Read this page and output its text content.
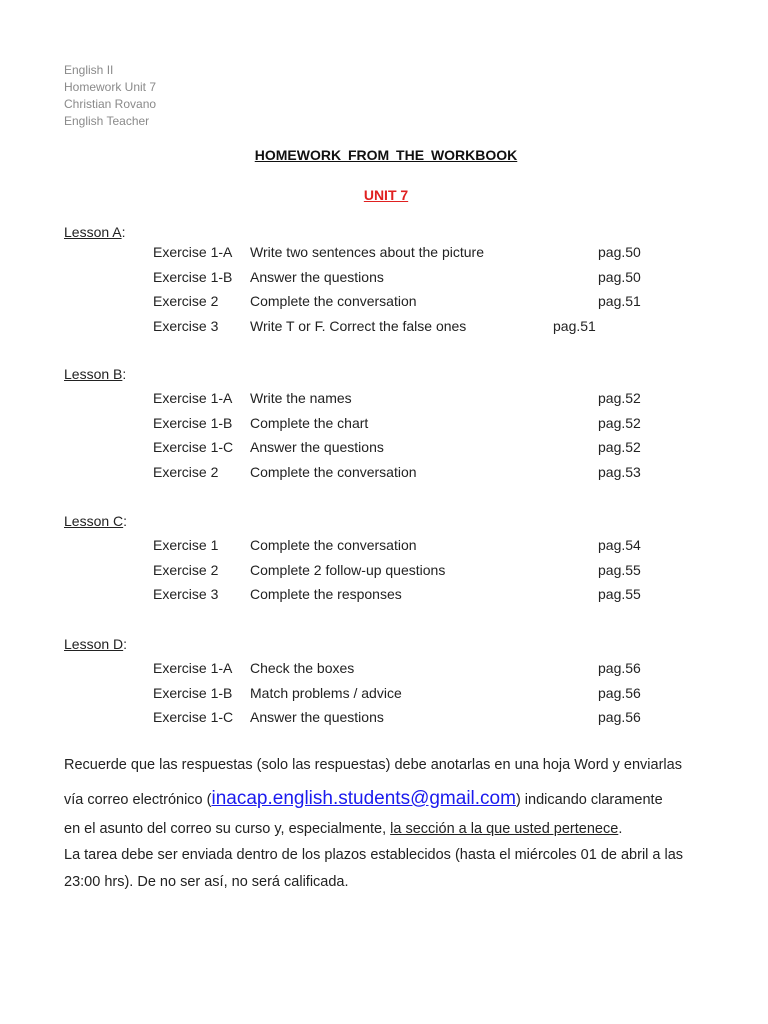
English II
Homework Unit 7
Christian Rovano
English Teacher
HOMEWORK FROM THE WORKBOOK
UNIT 7
Lesson A:
Exercise 1-A Write two sentences about the picture	pag.50
Exercise 1-B Answer the questions	pag.50
Exercise 2 Complete the conversation	pag.51
Exercise 3 Write T or F. Correct the false ones	pag.51
Lesson B:
Exercise 1-A Write the names	pag.52
Exercise 1-B Complete the chart	pag.52
Exercise 1-C Answer the questions	pag.52
Exercise 2 Complete the conversation	pag.53
Lesson C:
Exercise 1 Complete the conversation	pag.54
Exercise 2 Complete 2 follow-up questions	pag.55
Exercise 3 Complete the responses	pag.55
Lesson D:
Exercise 1-A Check the boxes	pag.56
Exercise 1-B Match problems / advice	pag.56
Exercise 1-C Answer the questions	pag.56
Recuerde que las respuestas (solo las respuestas) debe anotarlas en una hoja Word y enviarlas
vía correo electrónico (inacap.english.students@gmail.com) indicando claramente
en el asunto del correo su curso y, especialmente, la sección a la que usted pertenece.
La tarea debe ser enviada dentro de los plazos establecidos (hasta el miércoles 01 de abril a las
23:00 hrs). De no ser así, no será calificada.
